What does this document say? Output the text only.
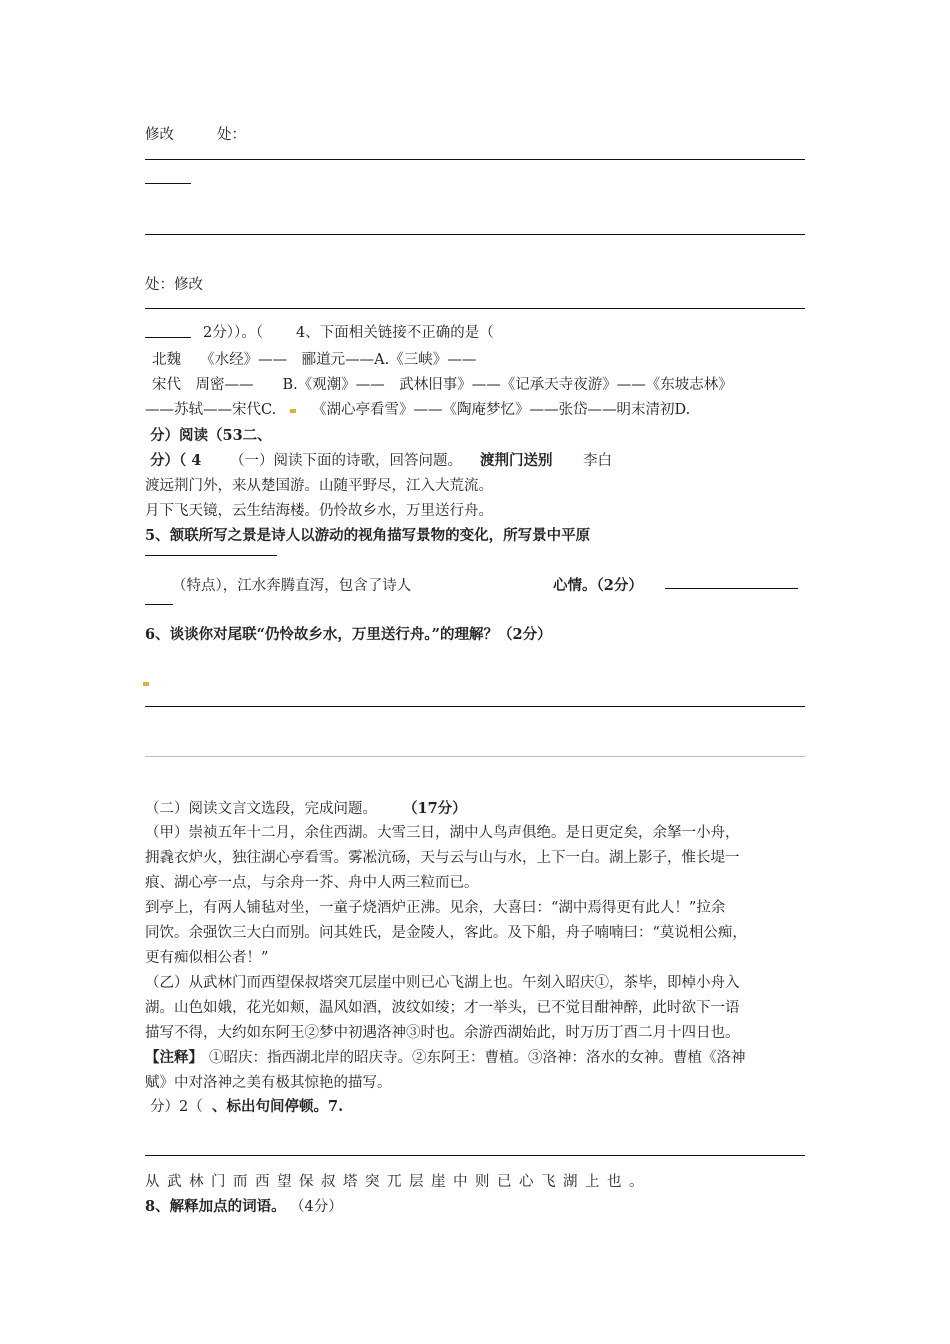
修改	处：
处：修改
2分））。（ 4、下面相关链接不正确的是（
北魏　 《水经》——　郦道元——A.《三峡》——
宋代　周密——　　B.《观潮》——　武林旧事》——《记承天寺夜游》——《东坡志林》
——苏轼——宋代C. 《湖心亭看雪》——《陶庵梦忆》——张岱——明末清初D.
分）阅读（53二、
分）（ 4 （一）阅读下面的诗歌，回答问题。 渡荆门送别 李白
渡远荆门外，来从楚国游。山随平野尽，江入大荒流。
月下飞天镜，云生结海楼。仍怜故乡水，万里送行舟。
5、颔联所写之景是诗人以游动的视角描写景物的变化，所写景中平原
（特点），江水奔腾直泻，包含了诗人	心情。（2分）
6、谈谈你对尾联“仍怜故乡水，万里送行舟。”的理解？（2分）
（二）阅读文言文选段，完成问题。 （17分）
（甲）崇祯五年十二月，余住西湖。大雪三日，湖中人鸟声俱绝。是日更定矣，余拏一小舟，
拥毳衣炉火，独往湖心亭看雪。雾凇沆砀，天与云与山与水，上下一白。湖上影子，惟长堤一
痕、湖心亭一点，与余舟一芥、舟中人两三粒而已。
到亭上，有两人铺毡对坐，一童子烧酒炉正沸。见余，大喜曰：“湖中焉得更有此人！”拉余
同饮。余强饮三大白而别。问其姓氏，是金陵人，客此。及下船，舟子喃喃曰：“莫说相公痴，
更有痴似相公者！”
（乙）从武林门而西望保叔塔突兀层崖中则已心飞湖上也。午刻入昭庆①，茶毕，即棹小舟入
湖。山色如娥，花光如颊，温风如酒，波纹如绫；才一举头，已不觉目酣神醉，此时欲下一语
描写不得，大约如东阿王②梦中初遇洛神③时也。余游西湖始此，时万历丁酉二月十四日也。
【注释】 ①昭庆：指西湖北岸的昭庆寺。②东阿王：曹植。③洛神：洛水的女神。曹植《洛神
赋》中对洛神之美有极其惊艳的描写。
分）2（ 、标出句间停顿。7.
从武林门而西望保叔塔突兀层崖中则已心飞湖上也。
8、解释加点的词语。 （4分）
